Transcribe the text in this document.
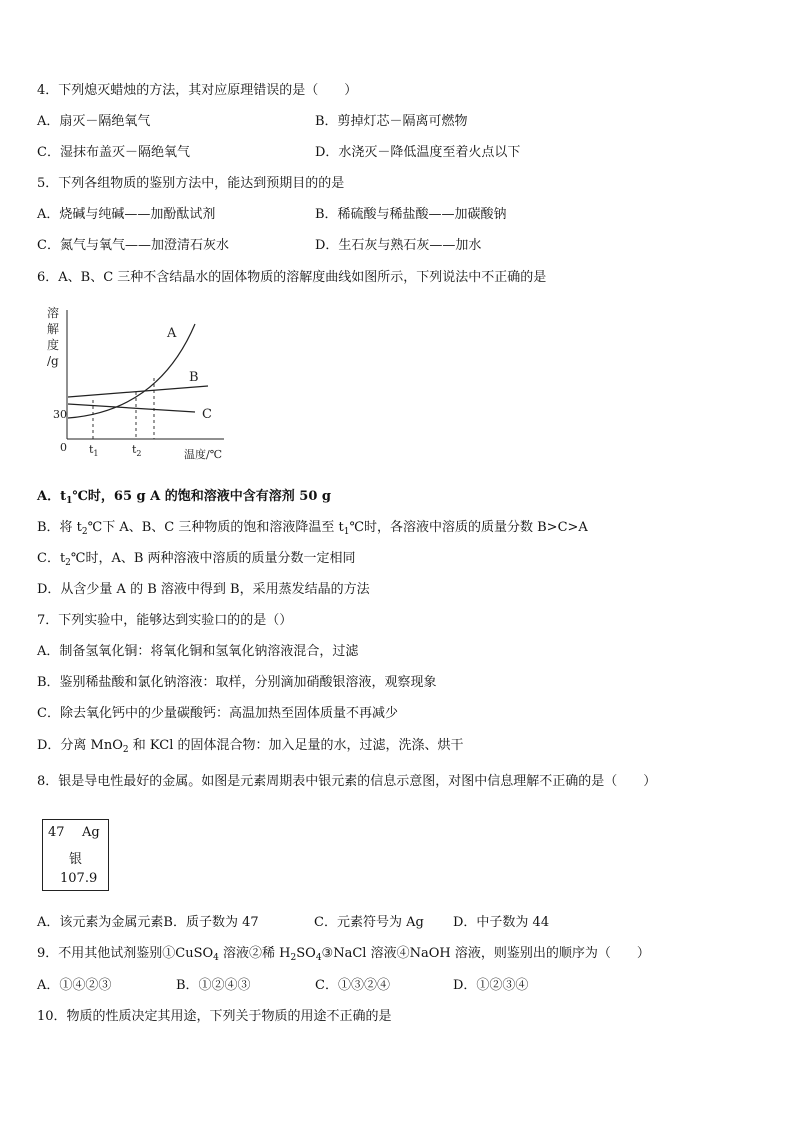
4．下列熄灭蜡烛的方法，其对应原理错误的是（　　）
A．扇灭－隔绝氧气	B．剪掉灯芯－隔离可燃物
C．湿抹布盖灭－隔绝氧气	D．水浇灭－降低温度至着火点以下
5．下列各组物质的鉴别方法中，能达到预期目的的是
A．烧碱与纯碱——加酚酞试剂	B．稀硫酸与稀盐酸——加碳酸钠
C．氮气与氧气——加澄清石灰水	D．生石灰与熟石灰——加水
6．A、B、C 三种不含结晶水的固体物质的溶解度曲线如图所示，下列说法中不正确的是
溶
解
度
/g
0
30
A
B
C
$t_1$	$t_2$	温度/℃
A．$t_1℃$时，65 g A 的饱和溶液中含有溶剂 50 g
B．将 $t_2℃$下 A、B、C 三种物质的饱和溶液降温至 $t_1℃$时，各溶液中溶质的质量分数 B>C>A
C．$t_2℃$时，A、B 两种溶液中溶质的质量分数一定相同
D．从含少量 A 的 B 溶液中得到 B，采用蒸发结晶的方法
7．下列实验中，能够达到实验口的的是（）
A．制备氢氧化铜：将氧化铜和氢氧化钠溶液混合，过滤
B．鉴别稀盐酸和氯化钠溶液：取样，分别滴加硝酸银溶液，观察现象
C．除去氧化钙中的少量碳酸钙：高温加热至固体质量不再减少
D．分离 MnO$_2$ 和 KCl 的固体混合物：加入足量的水，过滤，洗涤、烘干
8．银是导电性最好的金属。如图是元素周期表中银元素的信息示意图，对图中信息理解不正确的是（　　）
47 Ag
银
107.9
A．该元素为金属元素B．质子数为 47	C．元素符号为 Ag D．中子数为 44
9．不用其他试剂鉴别①CuSO$_4$ 溶液②稀 $H_2SO_4③NaCl$ 溶液④NaOH 溶液，则鉴别出的顺序为（　　）
A．①④②③	B．①②④③	C．①③②④	D．①②③④
10．物质的性质决定其用途，下列关于物质的用途不正确的是
